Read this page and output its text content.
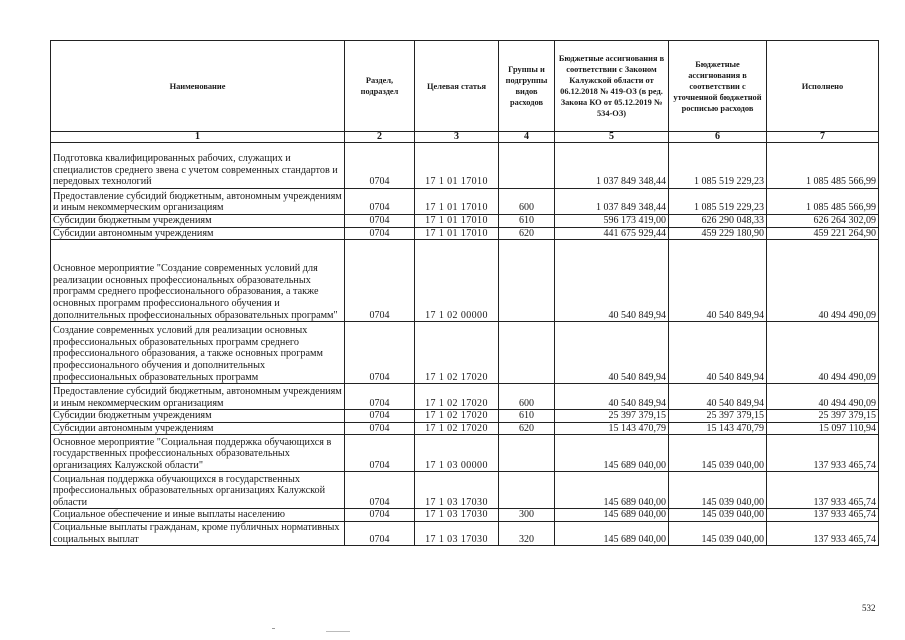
Наименование	Раздел, подраздел	Целевая статья	Группы и подгруппы видов расходов	Бюджетные ассигнования в соответствии с Законом Калужской области от 06.12.2018 № 419-ОЗ (в ред. Закона КО от 05.12.2019 № 534-ОЗ)	Бюджетные ассигнования в соответствии с уточненной бюджетной росписью расходов	Исполнено
1	2	3	4	5	6	7
Подготовка квалифицированных рабочих, служащих и специалистов среднего звена с учетом современных стандартов и передовых технологий	0704	17 1 01 17010		1 037 849 348,44	1 085 519 229,23	1 085 485 566,99
Предоставление субсидий бюджетным, автономным учреждениям и иным некоммерческим организациям	0704	17 1 01 17010	600	1 037 849 348,44	1 085 519 229,23	1 085 485 566,99
Субсидии бюджетным учреждениям	0704	17 1 01 17010	610	596 173 419,00	626 290 048,33	626 264 302,09
Субсидии автономным учреждениям	0704	17 1 01 17010	620	441 675 929,44	459 229 180,90	459 221 264,90
Основное мероприятие "Создание современных условий для реализации основных профессиональных образовательных программ среднего профессионального образования, а также основных программ профессионального обучения и дополнительных профессиональных образовательных программ"	0704	17 1 02 00000		40 540 849,94	40 540 849,94	40 494 490,09
Создание современных условий для реализации основных профессиональных образовательных программ среднего профессионального образования, а также основных программ профессионального обучения и дополнительных профессиональных образовательных программ	0704	17 1 02 17020		40 540 849,94	40 540 849,94	40 494 490,09
Предоставление субсидий бюджетным, автономным учреждениям и иным некоммерческим организациям	0704	17 1 02 17020	600	40 540 849,94	40 540 849,94	40 494 490,09
Субсидии бюджетным учреждениям	0704	17 1 02 17020	610	25 397 379,15	25 397 379,15	25 397 379,15
Субсидии автономным учреждениям	0704	17 1 02 17020	620	15 143 470,79	15 143 470,79	15 097 110,94
Основное мероприятие "Социальная поддержка обучающихся в государственных профессиональных образовательных организациях Калужской области"	0704	17 1 03 00000		145 689 040,00	145 039 040,00	137 933 465,74
Социальная поддержка обучающихся в государственных профессиональных образовательных организациях Калужской области	0704	17 1 03 17030		145 689 040,00	145 039 040,00	137 933 465,74
Социальное обеспечение и иные выплаты населению	0704	17 1 03 17030	300	145 689 040,00	145 039 040,00	137 933 465,74
Социальные выплаты гражданам, кроме публичных нормативных социальных выплат	0704	17 1 03 17030	320	145 689 040,00	145 039 040,00	137 933 465,74
532
